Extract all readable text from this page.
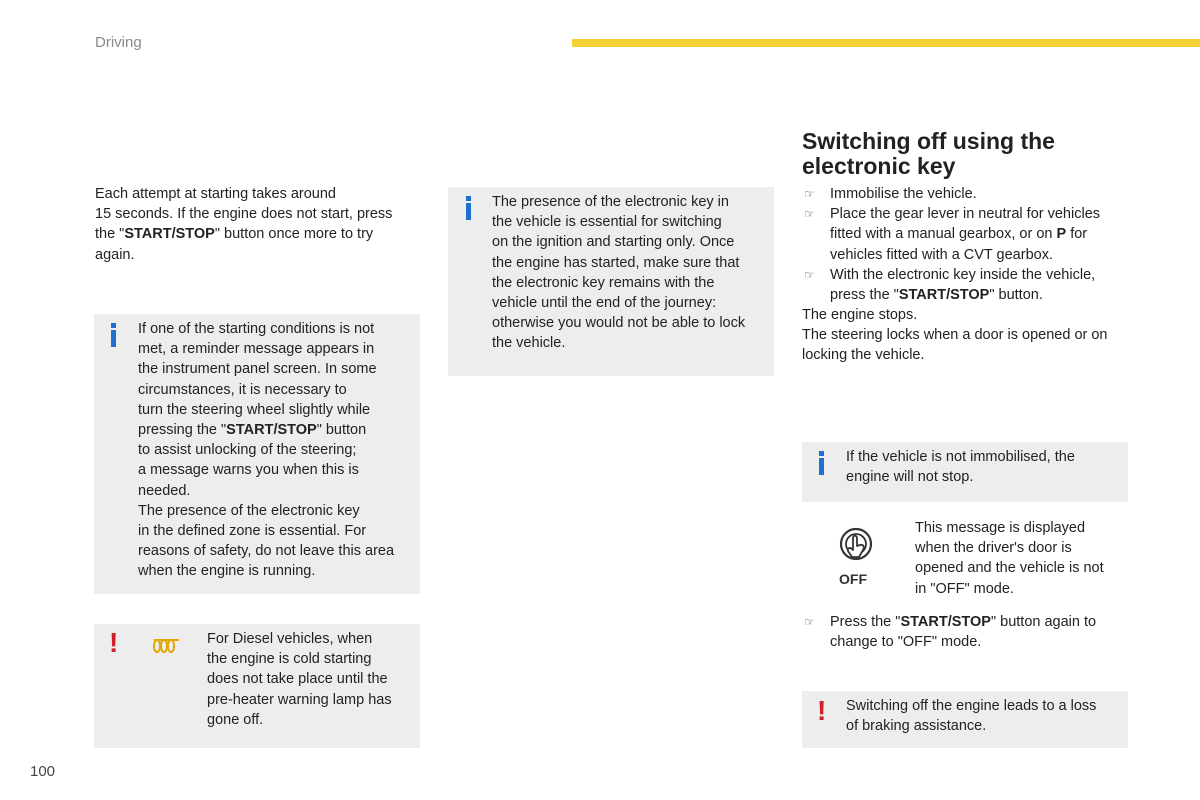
Driving

Each attempt at starting takes around
15 seconds. If the engine does not start, press
the "START/STOP" button once more to try
again.

If one of the starting conditions is not
met, a reminder message appears in
the instrument panel screen. In some
circumstances, it is necessary to
turn the steering wheel slightly while
pressing the "START/STOP" button
to assist unlocking of the steering;
a message warns you when this is
needed.
The presence of the electronic key
in the defined zone is essential. For
reasons of safety, do not leave this area
when the engine is running.

!	For Diesel vehicles, when
the engine is cold starting
does not take place until the
pre-heater warning lamp has
gone off.

The presence of the electronic key in
the vehicle is essential for switching
on the ignition and starting only. Once
the engine has started, make sure that
the electronic key remains with the
vehicle until the end of the journey:
otherwise you would not be able to lock
the vehicle.

Switching off using the
electronic key
☞ Immobilise the vehicle.
☞ Place the gear lever in neutral for vehicles
fitted with a manual gearbox, or on P for
vehicles fitted with a CVT gearbox.
☞ With the electronic key inside the vehicle,
press the "START/STOP" button.

The engine stops.
The steering locks when a door is opened or on
locking the vehicle.

If the vehicle is not immobilised, the
engine will not stop.

OFF

This message is displayed
when the driver's door is
opened and the vehicle is not
in "OFF" mode.

☞ Press the "START/STOP" button again to
change to "OFF" mode.
! Switching off the engine leads to a loss
of braking assistance.

100
